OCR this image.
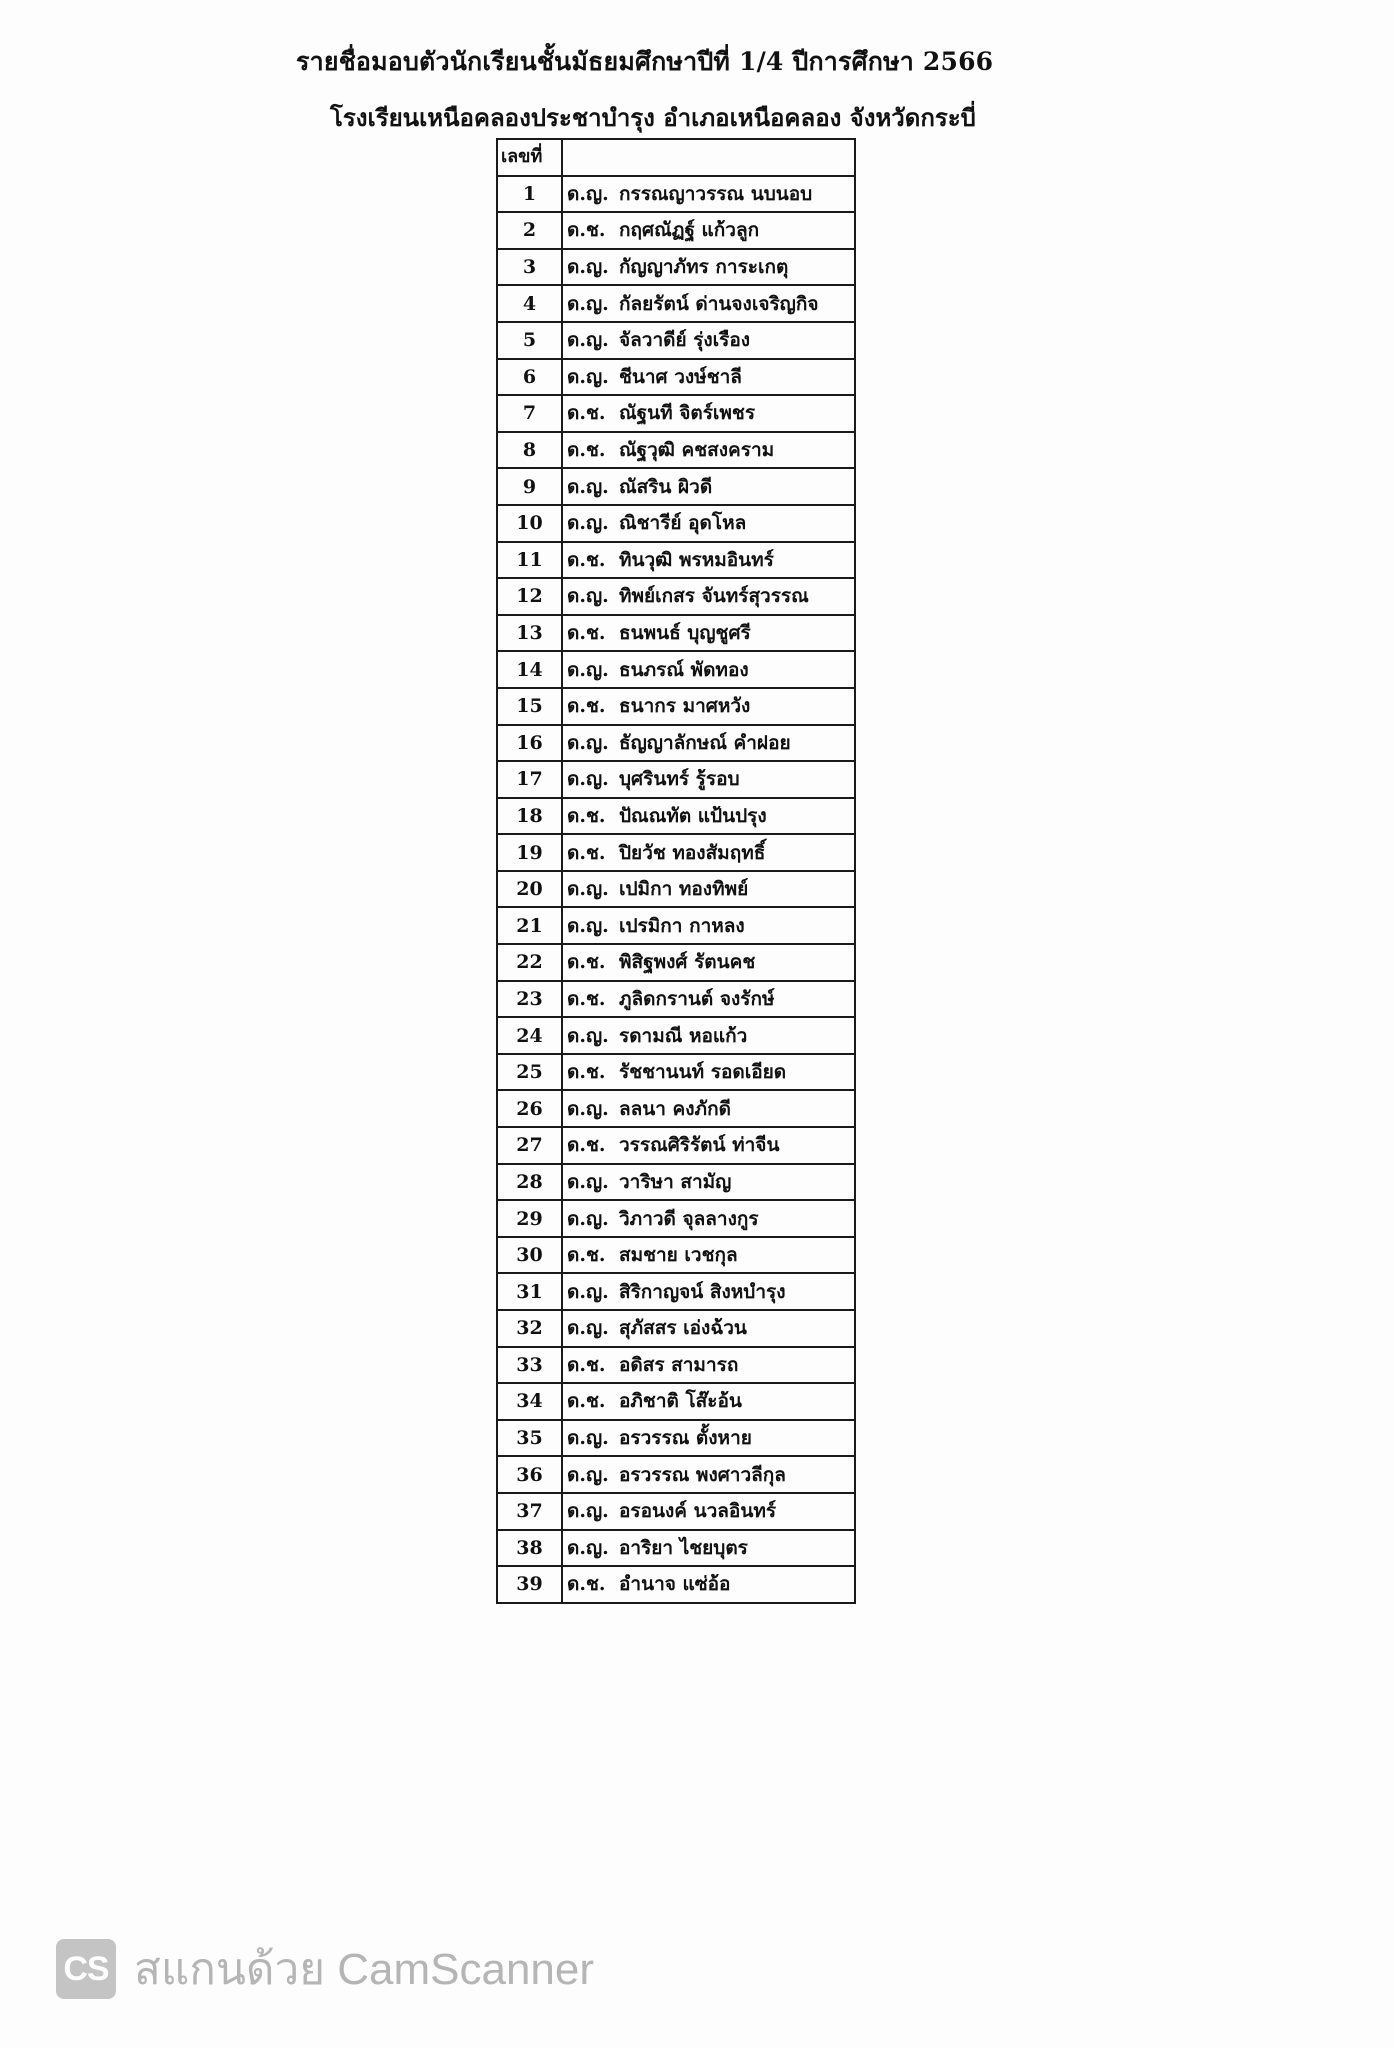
รายชื่อมอบตัวนักเรียนชั้นมัธยมศึกษาปีที่ 1/4 ปีการศึกษา 2566
โรงเรียนเหนือคลองประชาบำรุง อำเภอเหนือคลอง จังหวัดกระบี่
เลขที่	
1	ด.ญ. กรรณญาวรรณ นบนอบ
2	ด.ช. กฤศณัฏฐ์ แก้วลูก
3	ด.ญ. กัญญาภัทร การะเกตุ
4	ด.ญ. กัลยรัตน์ ด่านจงเจริญกิจ
5	ด.ญ. จัลวาดีย์ รุ่งเรือง
6	ด.ญ. ชีนาศ วงษ์ชาลี
7	ด.ช. ณัฐนที จิตร์เพชร
8	ด.ช. ณัฐวุฒิ คชสงคราม
9	ด.ญ. ณัสริน ผิวดี
10	ด.ญ. ณิชารีย์ อุดโหล
11	ด.ช. ทินวุฒิ พรหมอินทร์
12	ด.ญ. ทิพย์เกสร จันทร์สุวรรณ
13	ด.ช. ธนพนธ์ บุญชูศรี
14	ด.ญ. ธนภรณ์ พัดทอง
15	ด.ช. ธนากร มาศหวัง
16	ด.ญ. ธัญญาลักษณ์ คำฝอย
17	ด.ญ. บุศรินทร์ รู้รอบ
18	ด.ช. ปัณณทัต แป้นปรุง
19	ด.ช. ปิยวัช ทองสัมฤทธิ์
20	ด.ญ. เปมิกา ทองทิพย์
21	ด.ญ. เปรมิกา กาหลง
22	ด.ช. พิสิฐพงศ์ รัตนคช
23	ด.ช. ภูลิดกรานต์ จงรักษ์
24	ด.ญ. รดามณี หอแก้ว
25	ด.ช. รัชชานนท์ รอดเอียด
26	ด.ญ. ลลนา คงภักดี
27	ด.ช. วรรณศิริรัตน์ ท่าจีน
28	ด.ญ. วาริษา สามัญ
29	ด.ญ. วิภาวดี จุลลางกูร
30	ด.ช. สมชาย เวชกุล
31	ด.ญ. สิริกาญจน์ สิงหบำรุง
32	ด.ญ. สุภัสสร เอ่งฉ้วน
33	ด.ช. อดิสร สามารถ
34	ด.ช. อภิชาติ โส๊ะอ้น
35	ด.ญ. อรวรรณ ตั้งหาย
36	ด.ญ. อรวรรณ พงศาวลีกุล
37	ด.ญ. อรอนงค์ นวลอินทร์
38	ด.ญ. อาริยา ไชยบุตร
39	ด.ช. อำนาจ แซ่อ้อ
CS สแกนด้วย CamScanner
